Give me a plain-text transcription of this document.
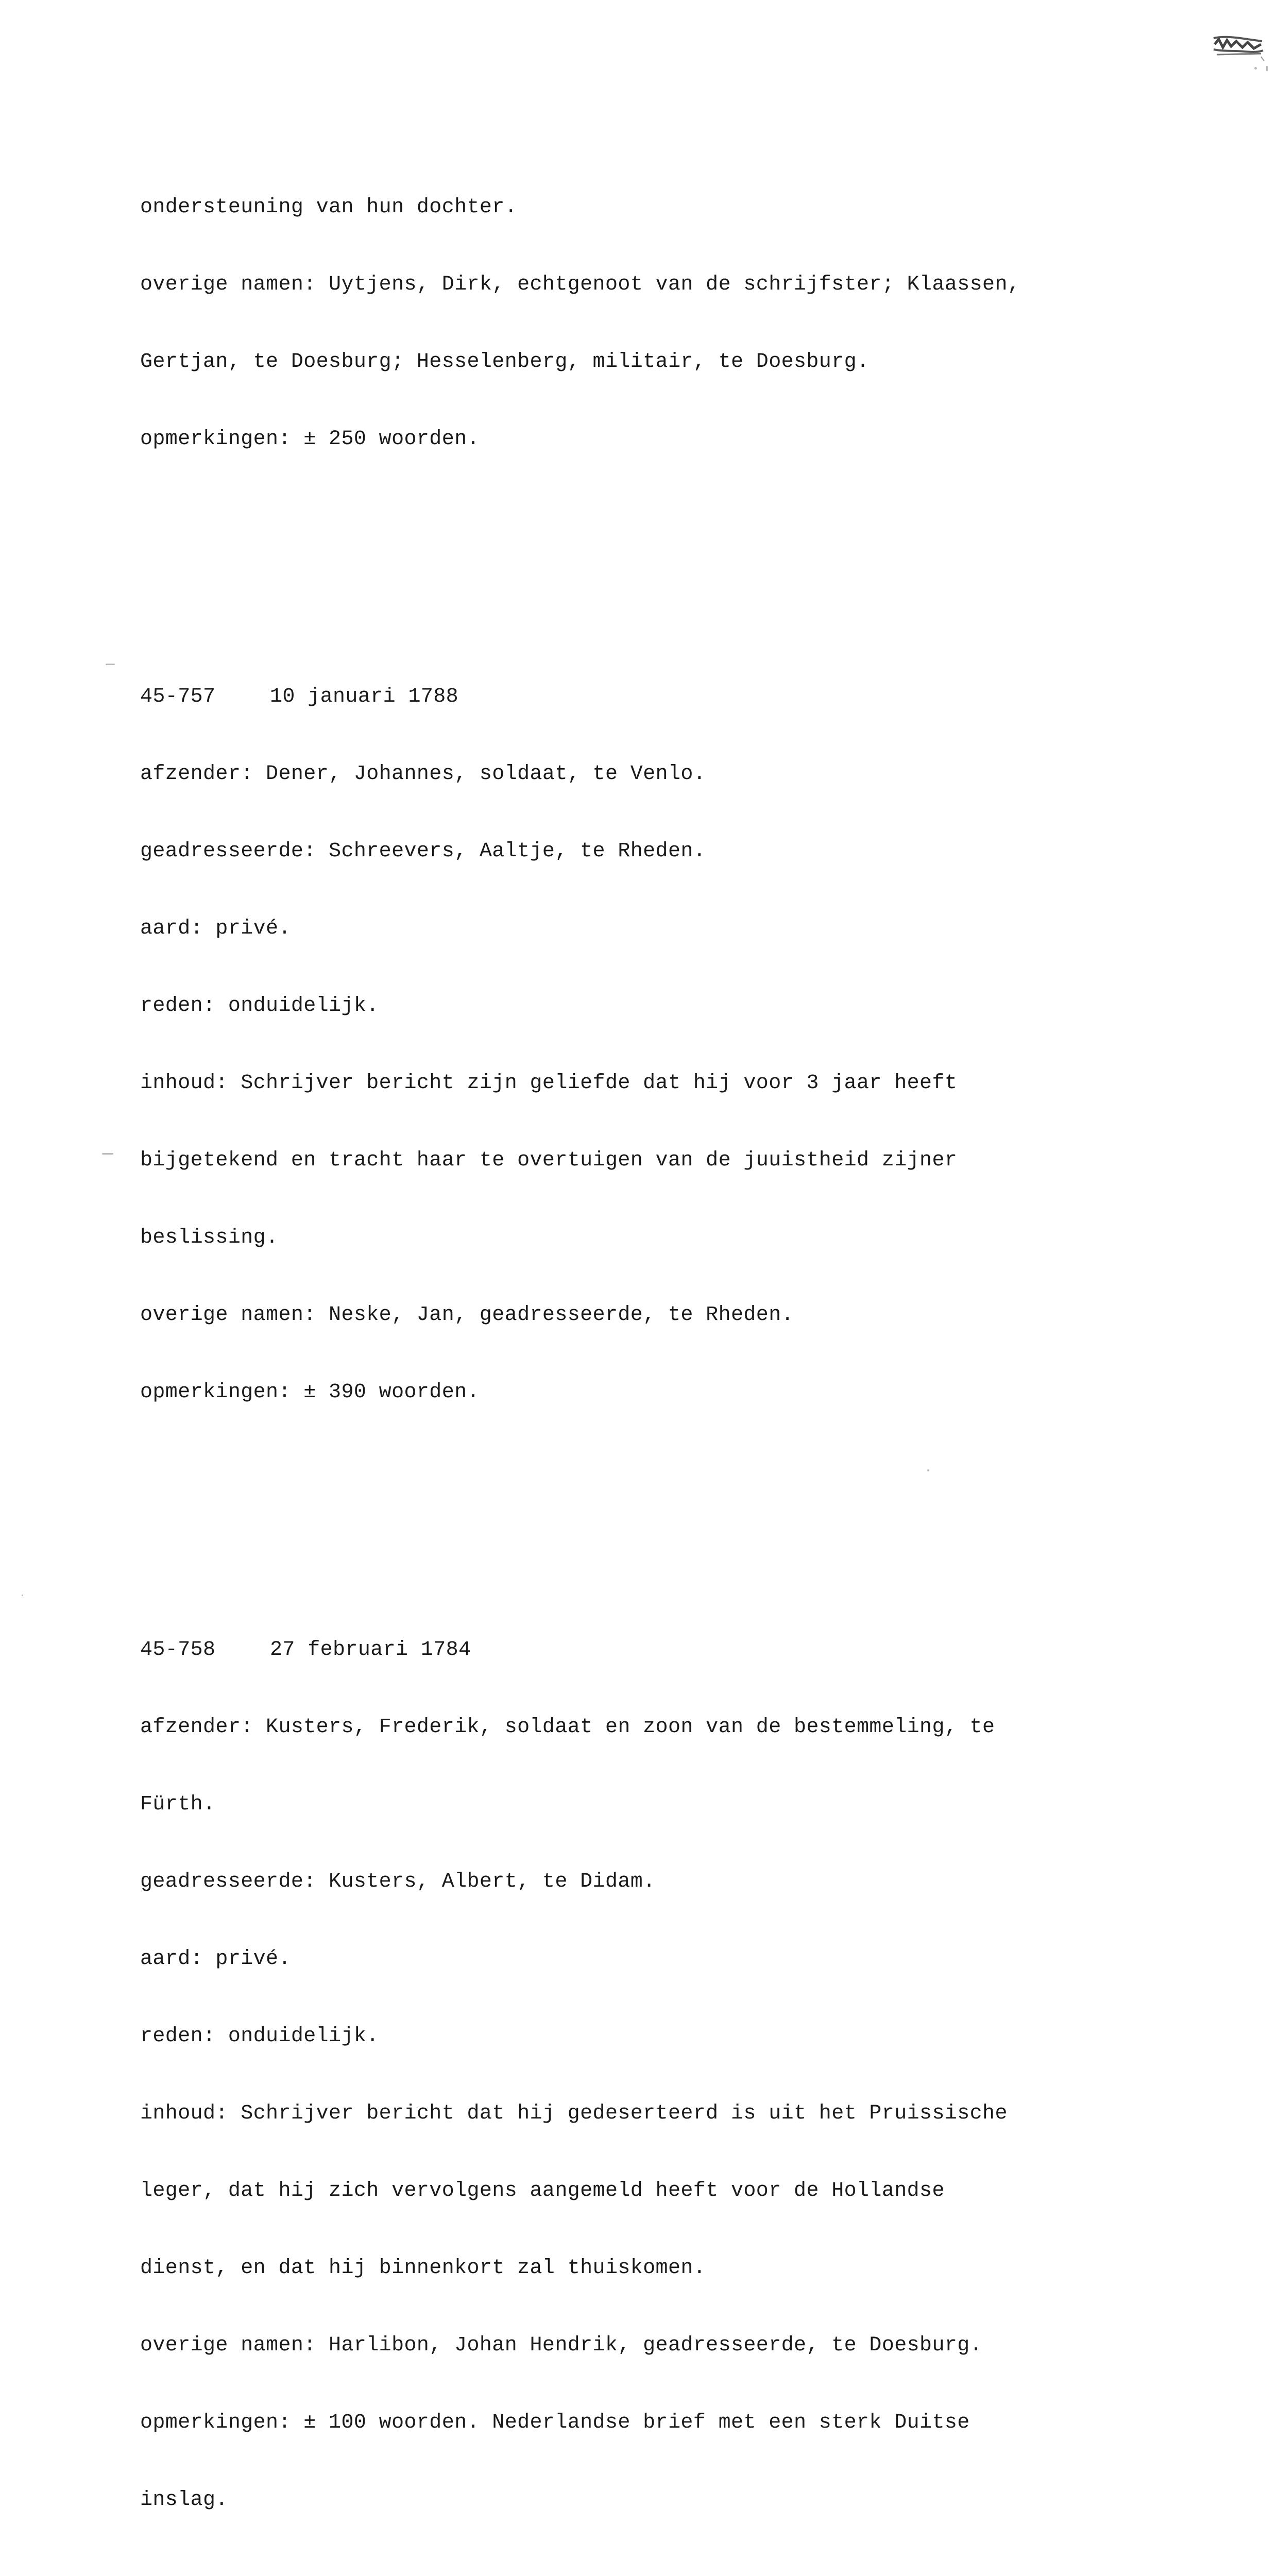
ondersteuning van hun dochter.

overige namen: Uytjens, Dirk, echtgenoot van de schrijfster; Klaassen,

Gertjan, te Doesburg; Hesselenberg, militair, te Doesburg.

opmerkingen: ± 250 woorden.

45-757	10 januari 1788

afzender: Dener, Johannes, soldaat, te Venlo.

geadresseerde: Schreevers, Aaltje, te Rheden.

aard: privé.

reden: onduidelijk.

inhoud: Schrijver bericht zijn geliefde dat hij voor 3 jaar heeft

bijgetekend en tracht haar te overtuigen van de juuistheid zijner

beslissing.

overige namen: Neske, Jan, geadresseerde, te Rheden.

opmerkingen: ± 390 woorden.

45-758	27 februari 1784

afzender: Kusters, Frederik, soldaat en zoon van de bestemmeling, te

Fürth.

geadresseerde: Kusters, Albert, te Didam.

aard: privé.

reden: onduidelijk.

inhoud: Schrijver bericht dat hij gedeserteerd is uit het Pruissische

leger, dat hij zich vervolgens aangemeld heeft voor de Hollandse

dienst, en dat hij binnenkort zal thuiskomen.

overige namen: Harlibon, Johan Hendrik, geadresseerde, te Doesburg.

opmerkingen: ± 100 woorden. Nederlandse brief met een sterk Duitse

inslag.
